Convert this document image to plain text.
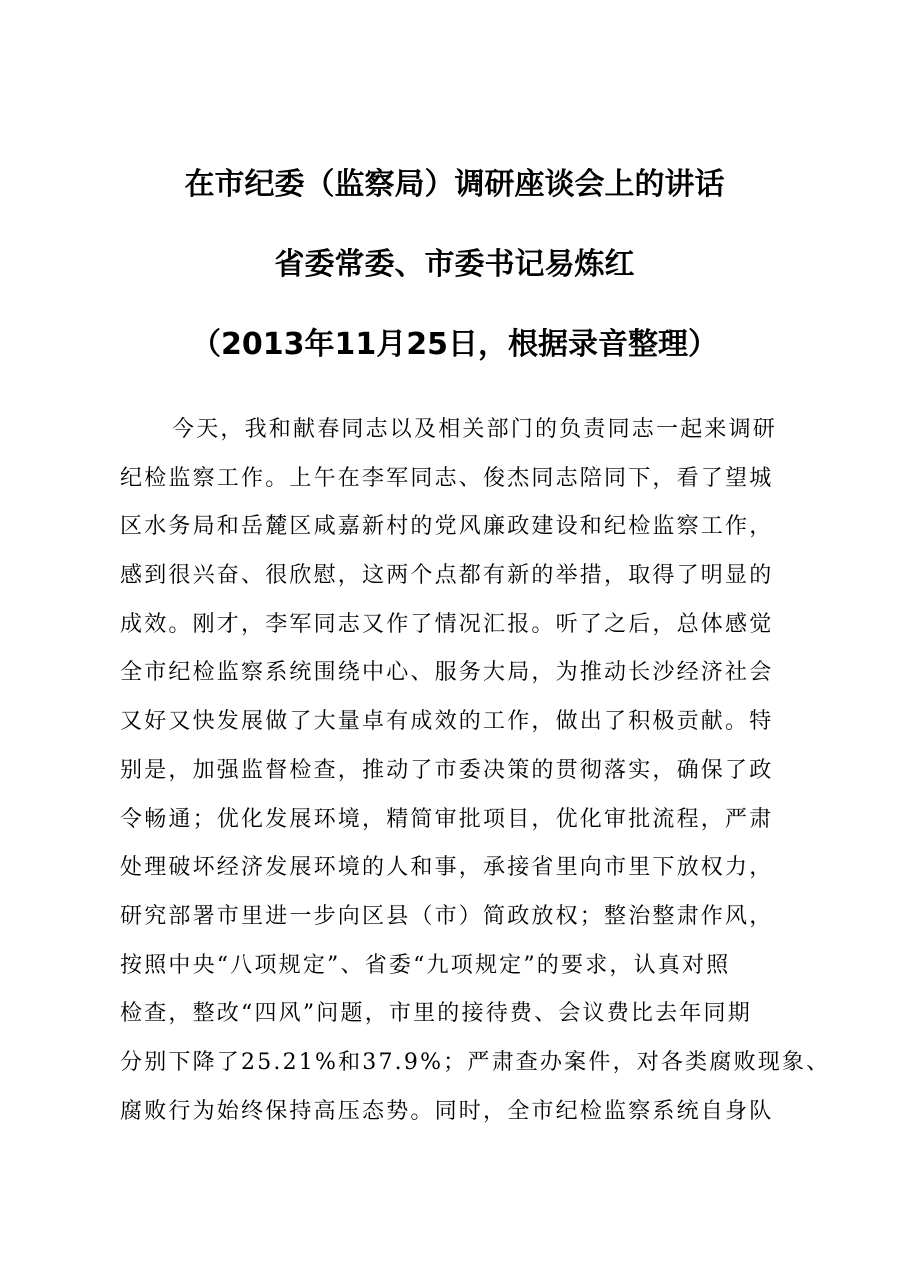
在市纪委（监察局）调研座谈会上的讲话
省委常委、市委书记易炼红
（2013年11月25日，根据录音整理）
今天，我和献春同志以及相关部门的负责同志一起来调研
纪检监察工作。上午在李军同志、俊杰同志陪同下，看了望城
区水务局和岳麓区咸嘉新村的党风廉政建设和纪检监察工作，
感到很兴奋、很欣慰，这两个点都有新的举措，取得了明显的
成效。刚才，李军同志又作了情况汇报。听了之后，总体感觉
全市纪检监察系统围绕中心、服务大局，为推动长沙经济社会
又好又快发展做了大量卓有成效的工作，做出了积极贡献。特
别是，加强监督检查，推动了市委决策的贯彻落实，确保了政
令畅通；优化发展环境，精简审批项目，优化审批流程，严肃
处理破坏经济发展环境的人和事，承接省里向市里下放权力，
研究部署市里进一步向区县（市）简政放权；整治整肃作风，
按照中央“八项规定”、省委“九项规定”的要求，认真对照
检查，整改“四风”问题，市里的接待费、会议费比去年同期
分别下降了25.21%和37.9%；严肃查办案件，对各类腐败现象、
腐败行为始终保持高压态势。同时，全市纪检监察系统自身队
